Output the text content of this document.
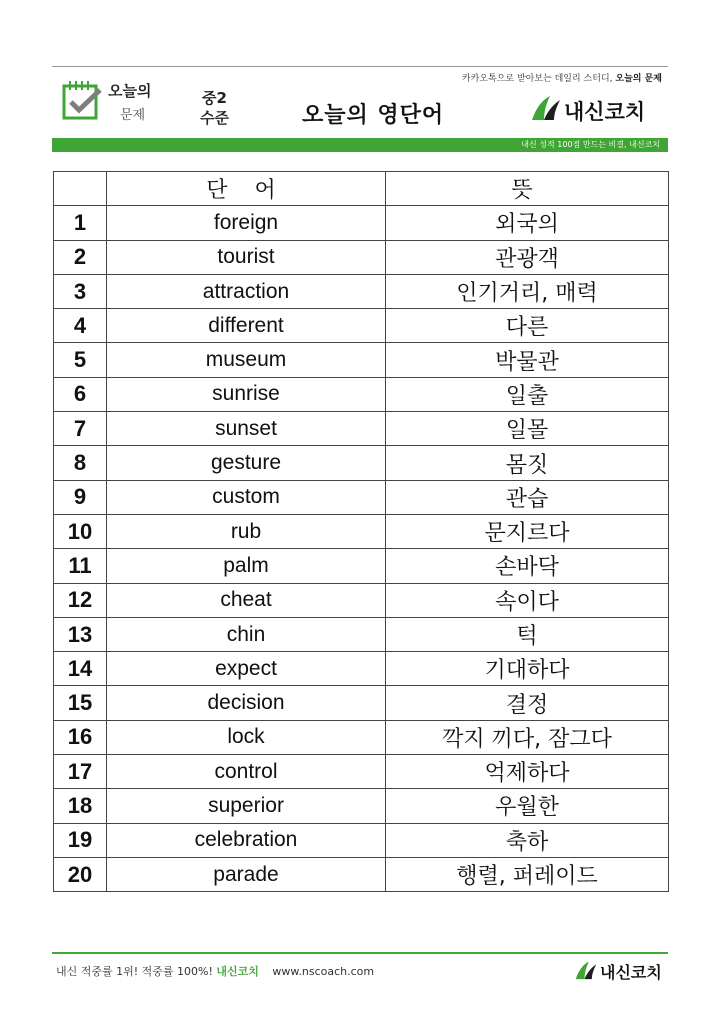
오늘의
문제
중2
수준	오늘의 영단어
카카오톡으로 받아보는 데일리 스터디, 오늘의 문제
내신코치
내신 성적 100점 만드는 비결, 내신코치
	단 어	뜻
1	foreign	외국의
2	tourist	관광객
3	attraction	인기거리, 매력
4	different	다른
5	museum	박물관
6	sunrise	일출
7	sunset	일몰
8	gesture	몸짓
9	custom	관습
10	rub	문지르다
11	palm	손바닥
12	cheat	속이다
13	chin	턱
14	expect	기대하다
15	decision	결정
16	lock	깍지 끼다, 잠그다
17	control	억제하다
18	superior	우월한
19	celebration	축하
20	parade	행렬, 퍼레이드
내신 적중률 1위! 적중률 100%! 내신코치 www.nscoach.com	내신코치
